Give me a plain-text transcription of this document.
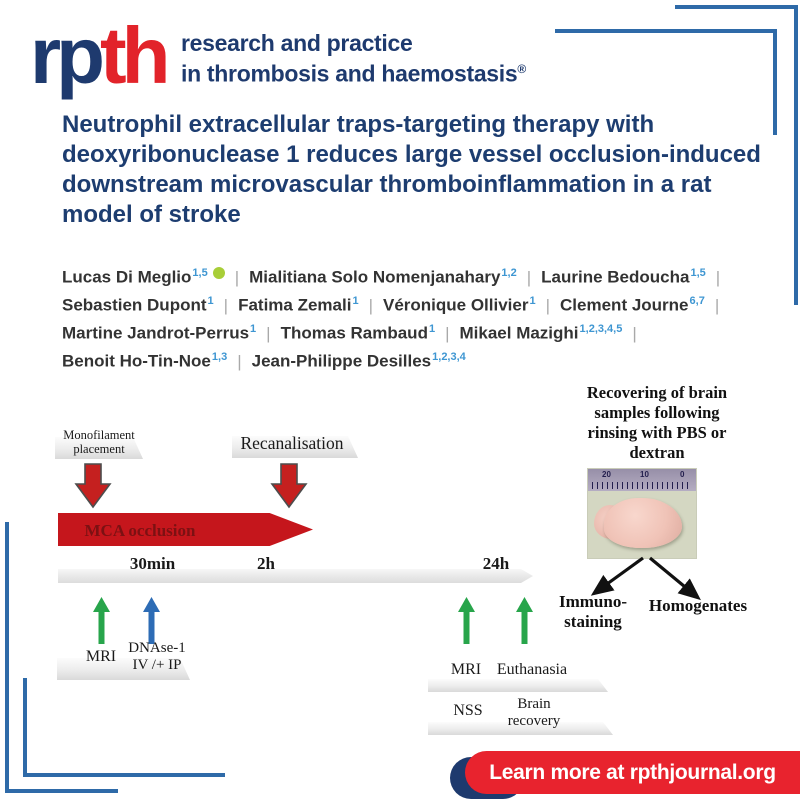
rpth research and practice
in thrombosis and haemostasis®
Neutrophil extracellular traps-targeting therapy with
deoxyribonuclease 1 reduces large vessel occlusion-induced
downstream microvascular thromboinflammation in a rat
model of stroke
Lucas Di Meglio$^{1,5}$ | Mialitiana Solo Nomenjanahary$^{1,2}$ | Laurine Bedoucha$^{1,5}$ |
Sebastien Dupont$^1$ | Fatima Zemali$^1$ | Véronique Ollivier$^1$ | Clement Journe$^{6,7}$ |
Martine Jandrot-Perrus$^1$ | Thomas Rambaud$^1$ | Mikael Mazighi$^{1,2,3,4,5}$ |
Benoit Ho-Tin-Noe$^{1,3}$ | Jean-Philippe Desilles$^{1,2,3,4}$
Monofilament
placement	Recanalisation
MCA occlusion
30min	2h	24h
MRI DNAse-1
IV /+ IP	MRI Euthanasia
NSS	Brain
recovery
Recovering of brain
samples following
rinsing with PBS or
dextran
20	10	0
Immuno-
staining
Homogenates
Learn more at rpthjournal.org
